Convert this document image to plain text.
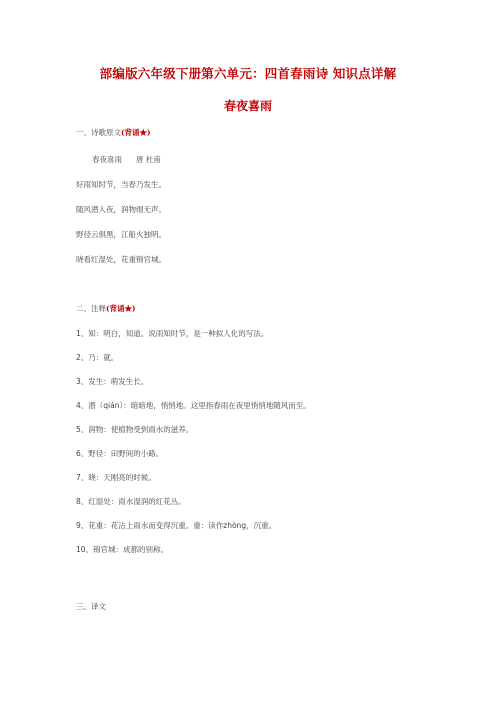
部编版六年级下册第六单元：四首春雨诗 知识点详解
春夜喜雨
一、诗歌原文(背诵★)
春夜喜雨 唐 杜甫
好雨知时节，当春乃发生。
随风潜入夜，润物细无声。
野径云俱黑，江船火独明。
晓看红湿处，花重锦官城。
二、注释(背诵★)
1、知：明白，知道。说雨知时节，是一种拟人化的写法。
2、乃：就。
3、发生：萌发生长。
4、潜（qián）：暗暗地，悄悄地。这里指春雨在夜里悄悄地随风而至。
5、润物：使植物受到雨水的滋养。
6、野径：田野间的小路。
7、晓：天刚亮的时候。
8、红湿处：雨水湿润的红花丛。
9、花重：花沾上雨水而变得沉重。重：读作zhòng，沉重。
10、锦官城：成都的别称。
三、译文
